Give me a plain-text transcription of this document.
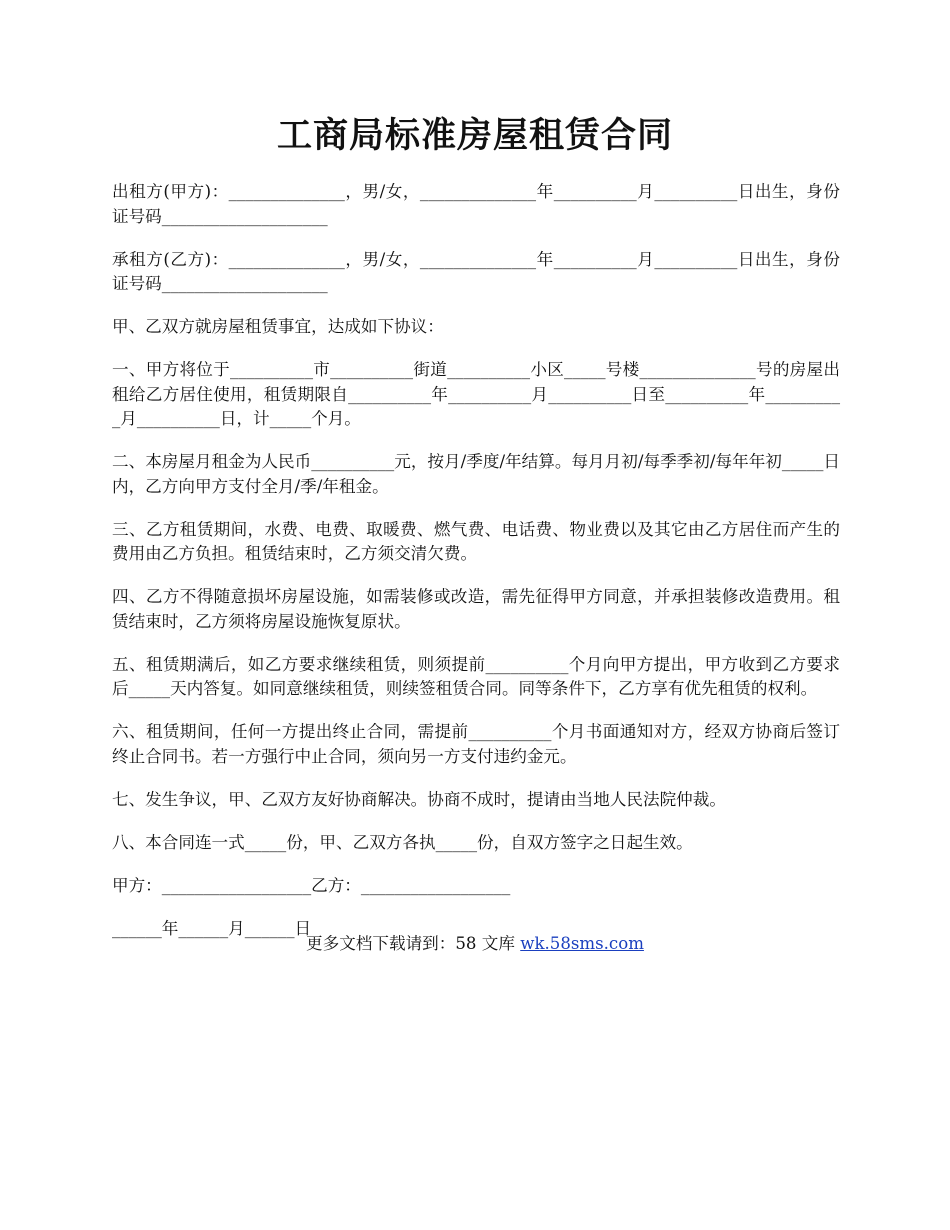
工商局标准房屋租赁合同

出租方(甲方)：______________，男/女，______________年__________月__________日出生，身份证号码____________________

承租方(乙方)：______________，男/女，______________年__________月__________日出生，身份证号码____________________

甲、乙双方就房屋租赁事宜，达成如下协议：

一、甲方将位于__________市__________街道__________小区_____号楼______________号的房屋出租给乙方居住使用，租赁期限自__________年__________月__________日至__________年__________月__________日，计_____个月。

二、本房屋月租金为人民币__________元，按月/季度/年结算。每月月初/每季季初/每年年初_____日内，乙方向甲方支付全月/季/年租金。

三、乙方租赁期间，水费、电费、取暖费、燃气费、电话费、物业费以及其它由乙方居住而产生的费用由乙方负担。租赁结束时，乙方须交清欠费。

四、乙方不得随意损坏房屋设施，如需装修或改造，需先征得甲方同意，并承担装修改造费用。租赁结束时，乙方须将房屋设施恢复原状。

五、租赁期满后，如乙方要求继续租赁，则须提前__________个月向甲方提出，甲方收到乙方要求后_____天内答复。如同意继续租赁，则续签租赁合同。同等条件下，乙方享有优先租赁的权利。

六、租赁期间，任何一方提出终止合同，需提前__________个月书面通知对方，经双方协商后签订终止合同书。若一方强行中止合同，须向另一方支付违约金元。

七、发生争议，甲、乙双方友好协商解决。协商不成时，提请由当地人民法院仲裁。

八、本合同连一式_____份，甲、乙双方各执_____份，自双方签字之日起生效。

甲方：__________________乙方：__________________

______年______月______日

更多文档下载请到：58 文库 wk.58sms.com
